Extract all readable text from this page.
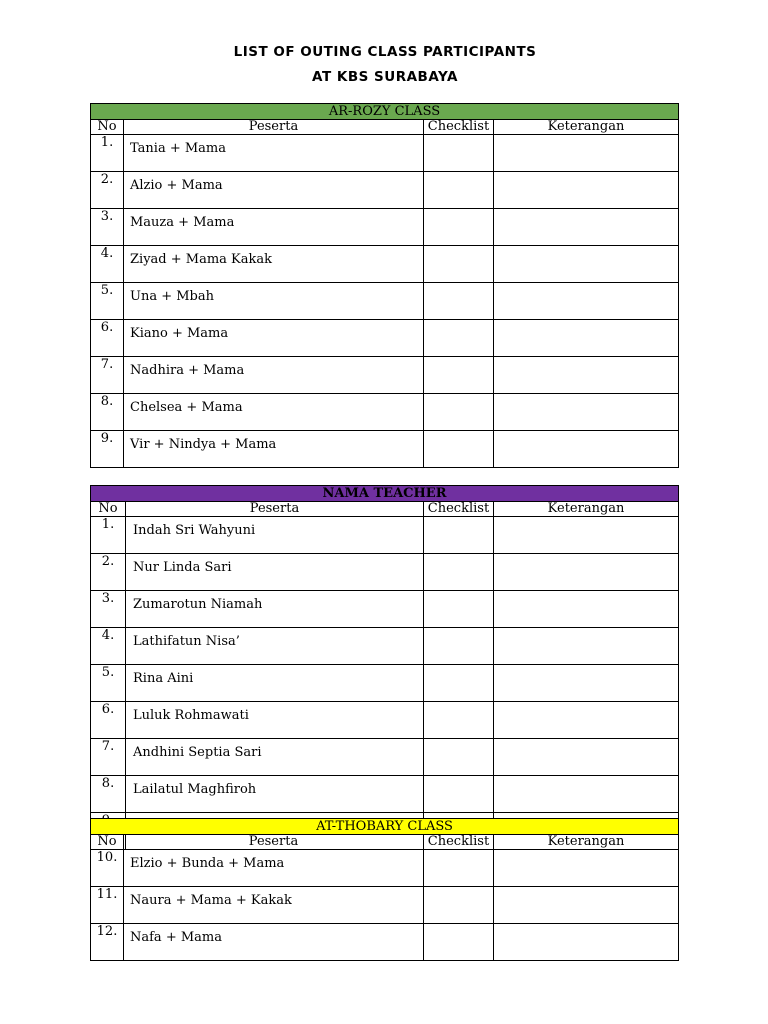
LIST OF OUTING CLASS PARTICIPANTS
AT KBS SURABAYA
AR-ROZY CLASS			
No	Peserta	Checklist	Keterangan
1.	Tania + Mama		
2.	Alzio + Mama		
3.	Mauza + Mama		
4.	Ziyad + Mama Kakak		
5.	Una + Mbah		
6.	Kiano + Mama		
7.	Nadhira + Mama		
8.	Chelsea + Mama		
9.	Vir + Nindya + Mama		
NAMA TEACHER			
No	Peserta	Checklist	Keterangan
1.	Indah Sri Wahyuni		
2.	Nur Linda Sari		
3.	Zumarotun Niamah		
4.	Lathifatun Nisa’		
5.	Rina Aini		
6.	Luluk Rohmawati		
7.	Andhini Septia Sari		
8.	Lailatul Maghfiroh		

AT-THOBARY CLASS			
No	Peserta	Checklist	Keterangan
10.	Elzio + Bunda + Mama		
11.	Naura + Mama + Kakak		
12.	Nafa + Mama		
